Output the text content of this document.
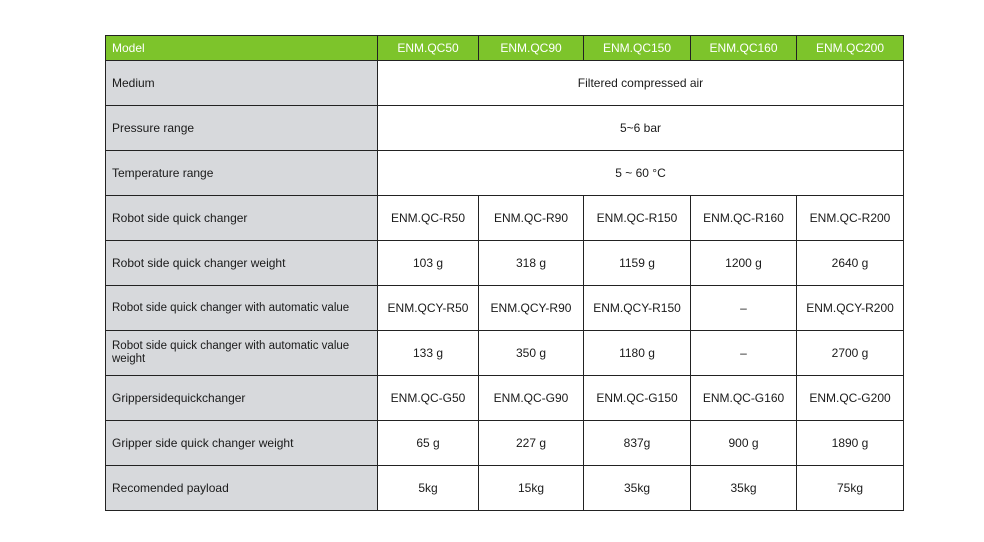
Model	ENM.QC50	ENM.QC90	ENM.QC150	ENM.QC160	ENM.QC200
Medium	Filtered compressed air				
Pressure range	5~6 bar				
Temperature range	5 ~ 60 °C				
Robot side quick changer	ENM.QC-R50	ENM.QC-R90	ENM.QC-R150	ENM.QC-R160	ENM.QC-R200
Robot side quick changer weight	103 g	318 g	1159 g	1200 g	2640 g
Robot side quick changer with automatic value	ENM.QCY-R50	ENM.QCY-R90	ENM.QCY-R150	–	ENM.QCY-R200
Robot side quick changer with automatic value weight	133 g	350 g	1180 g	–	2700 g
Grippersidequickchanger	ENM.QC-G50	ENM.QC-G90	ENM.QC-G150	ENM.QC-G160	ENM.QC-G200
Gripper side quick changer weight	65 g	227 g	837g	900 g	1890 g
Recomended payload	5kg	15kg	35kg	35kg	75kg
